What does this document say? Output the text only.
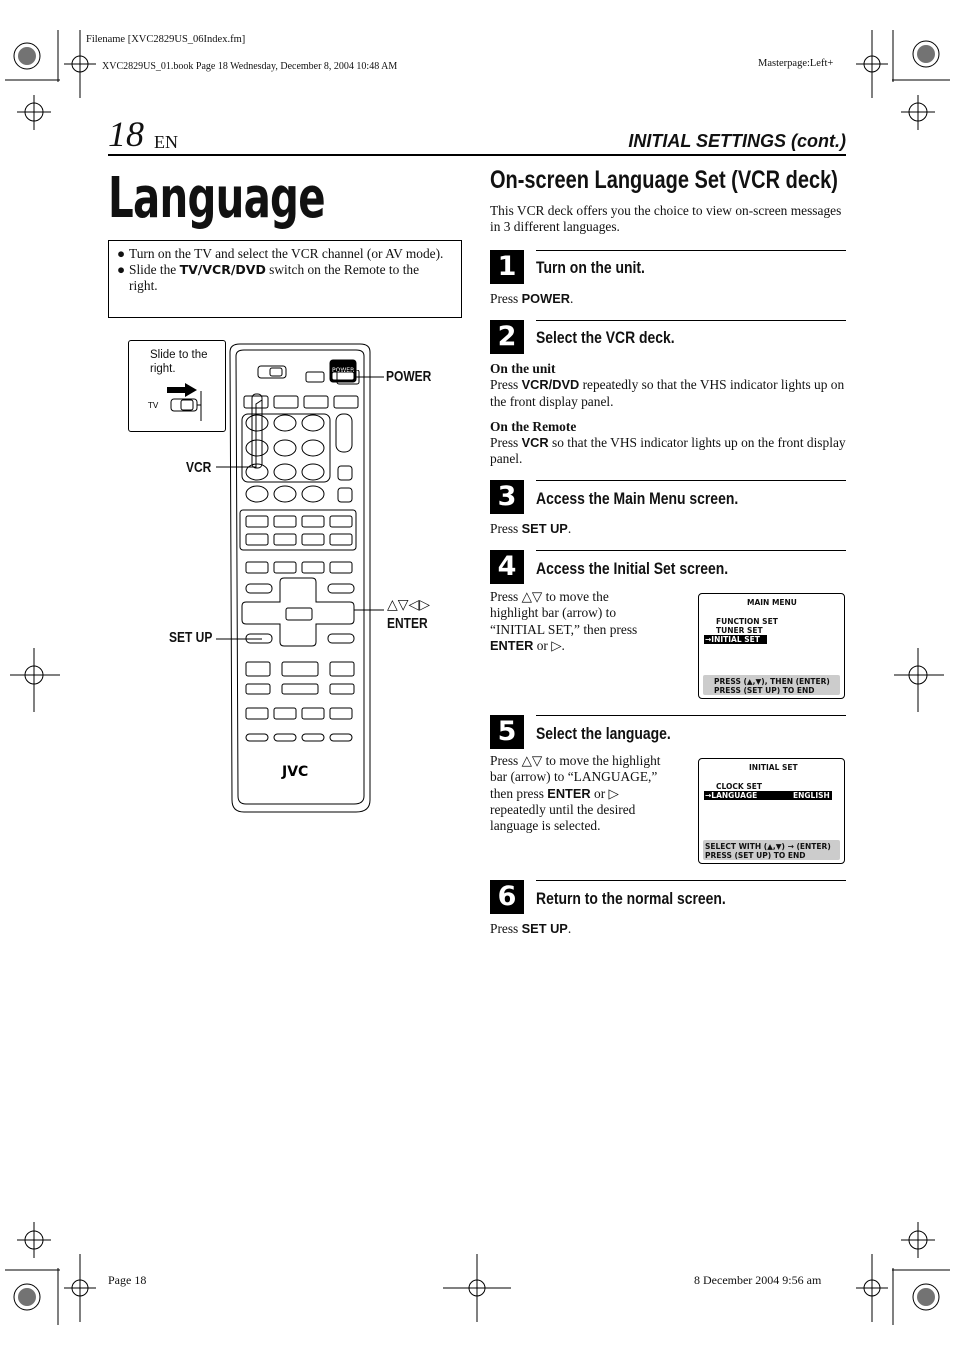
Filename [XVC2829US_06Index.fm]
XVC2829US_01.book Page 18 Wednesday, December 8, 2004 10:48 AM	Masterpage:Left+
Page 18	8 December 2004 9:56 am
18 EN	INITIAL SETTINGS (cont.)
Language
● Turn on the TV and select the VCR channel (or AV mode).
● Slide the TV/VCR/DVD switch on the Remote to the right.
Slide to the right.
TV
POWER
JVC
POWER
VCR
SET UP
△▽◁▷
ENTER
On-screen Language Set (VCR deck)
This VCR deck offers you the choice to view on-screen messages in 3 different languages.
1	Turn on the unit.
Press POWER.
2	Select the VCR deck.
On the unit
Press VCR/DVD repeatedly so that the VHS indicator lights up on the front display panel.
On the Remote
Press VCR so that the VHS indicator lights up on the front display panel.
3	Access the Main Menu screen.
Press SET UP.
4	Access the Initial Set screen.
Press △▽ to move the highlight bar (arrow) to “INITIAL SET,” then press ENTER or ▷.
MAIN MENU
FUNCTION SET
TUNER SET
→INITIAL SET
PRESS (▲,▼), THEN (ENTER)
PRESS (SET UP) TO END
5	Select the language.
Press △▽ to move the highlight bar (arrow) to “LANGUAGE,” then press ENTER or ▷ repeatedly until the desired language is selected.
INITIAL SET
CLOCK SET
→LANGUAGE	ENGLISH
SELECT WITH (▲,▼) → (ENTER)
PRESS (SET UP) TO END
6	Return to the normal screen.
Press SET UP.
